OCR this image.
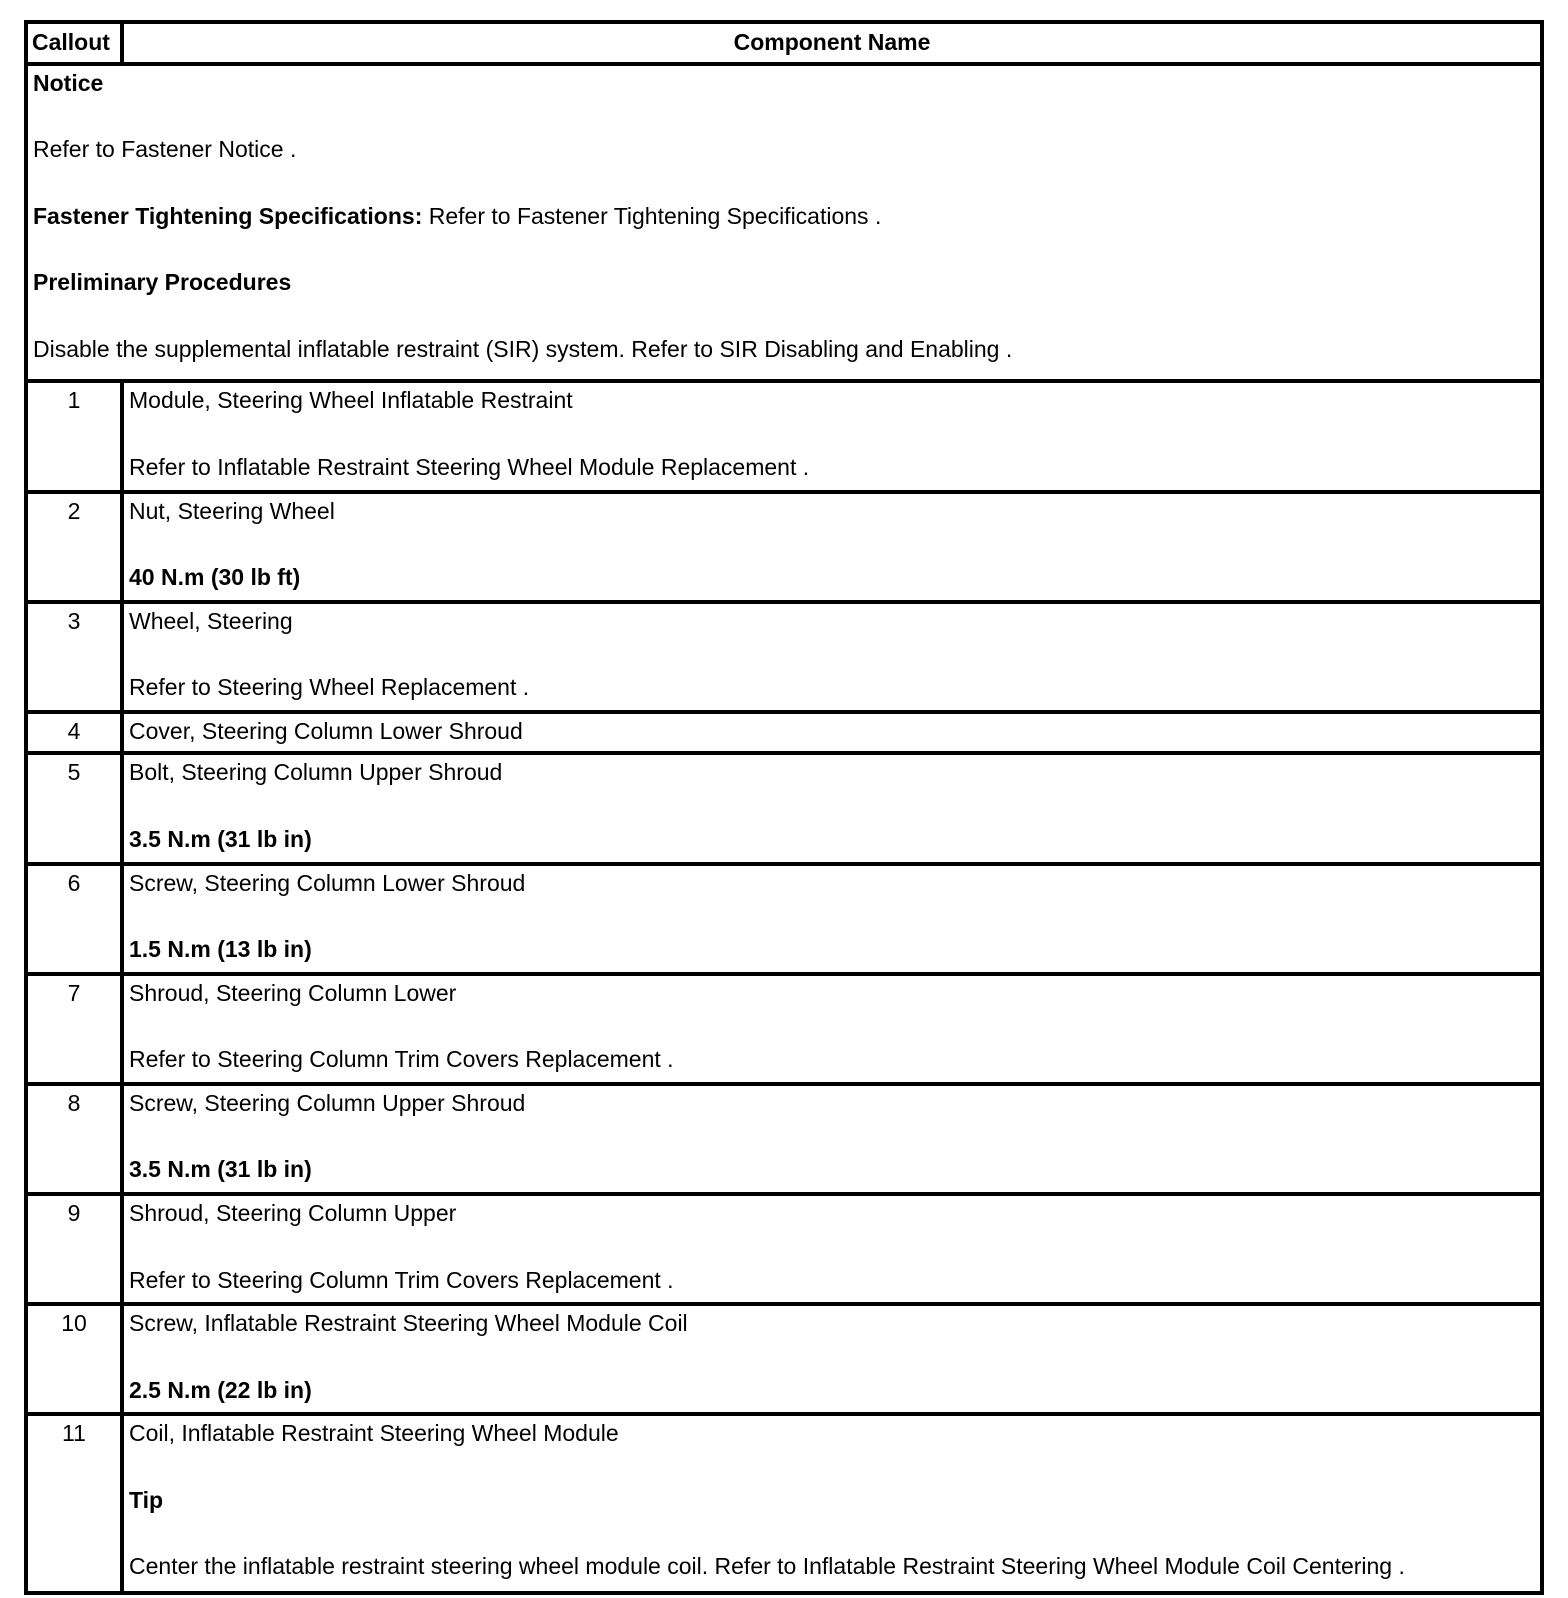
Callout	Component Name

Notice

Refer to Fastener Notice .

Fastener Tightening Specifications: Refer to Fastener Tightening Specifications .

Preliminary Procedures

Disable the supplemental inflatable restraint (SIR) system. Refer to SIR Disabling and Enabling .	

1	Module, Steering Wheel Inflatable Restraint

Refer to Inflatable Restraint Steering Wheel Module Replacement .

2	Nut, Steering Wheel

40 N.m (30 lb ft)

3	Wheel, Steering

Refer to Steering Wheel Replacement .

4	Cover, Steering Column Lower Shroud

5	Bolt, Steering Column Upper Shroud

3.5 N.m (31 lb in)

6	Screw, Steering Column Lower Shroud

1.5 N.m (13 lb in)

7	Shroud, Steering Column Lower

Refer to Steering Column Trim Covers Replacement .

8	Screw, Steering Column Upper Shroud

3.5 N.m (31 lb in)

9	Shroud, Steering Column Upper

Refer to Steering Column Trim Covers Replacement .

10	Screw, Inflatable Restraint Steering Wheel Module Coil

2.5 N.m (22 lb in)

11	Coil, Inflatable Restraint Steering Wheel Module

Tip

Center the inflatable restraint steering wheel module coil. Refer to Inflatable Restraint Steering Wheel Module Coil Centering .
